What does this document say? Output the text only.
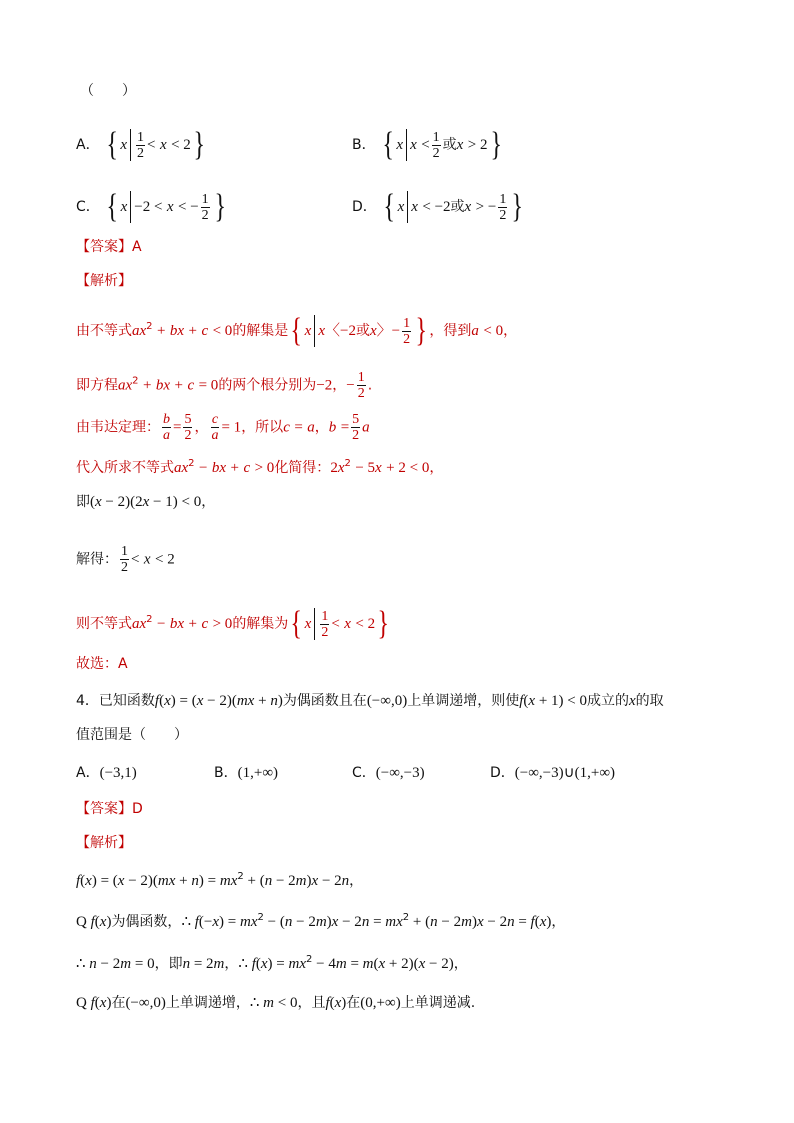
（　　）
A． { x $\frac{1}{2} < x < 2$}	B． { x $x < \frac{1}{2}$ 或x > 2}
C． { x −2 < x < − $\frac{1}{2}$ }	D． { x x < −2或x > − $\frac{1}{2}$ }
【答案】A
【解析】
由不等式$ax^2$ + bx + c < 0的解集是{ x x〈−2或x〉− $\frac{1}{2}$ } ，得到a < 0，
即方程$ax^2$ + bx + c = 0的两个根分别为−2，− $\frac{1}{2}$ .
由韦达定理： $\frac{b}{a} = \frac{5}{2}$ ， $\frac{c}{a} = 1$，所以c = a，$b = \frac{5}{2}$ a
代入所求不等式$ax^2$ − bx + c > 0化简得：$2x^2 - 5x + 2 < 0$，
即(x − 2)(2x − 1) < 0，
解得： $\frac{1}{2} < x < 2$
则不等式$ax^2$ − bx + c > 0的解集为{ x $\frac{1}{2} < x < 2$}
故选：A
4．已知函数f(x) = (x − 2)(mx + n)为偶函数且在(−∞,0)上单调递增，则使f(x + 1) < 0成立的x的取
值范围是（　　）
A．(−3,1)	B．(1,+∞)	C．(−∞,−3)	D．(−∞,−3)∪(1,+∞)
【答案】D
【解析】
$f(x) = (x - 2)(mx + n) = mx^2 + (n - 2m)x - 2n$，
Q f(x)为偶函数，∴ $f(-x) = mx^2 - (n - 2m)x - 2n = mx^2 + (n - 2m)x - 2n = f(x)$，
∴ n − 2m = 0，即n = 2m，∴ $f(x) = mx^2 - 4m = m(x + 2)(x - 2)$，
Q f(x)在(−∞,0)上单调递增，∴ m < 0，且f(x)在(0,+∞)上单调递减.
